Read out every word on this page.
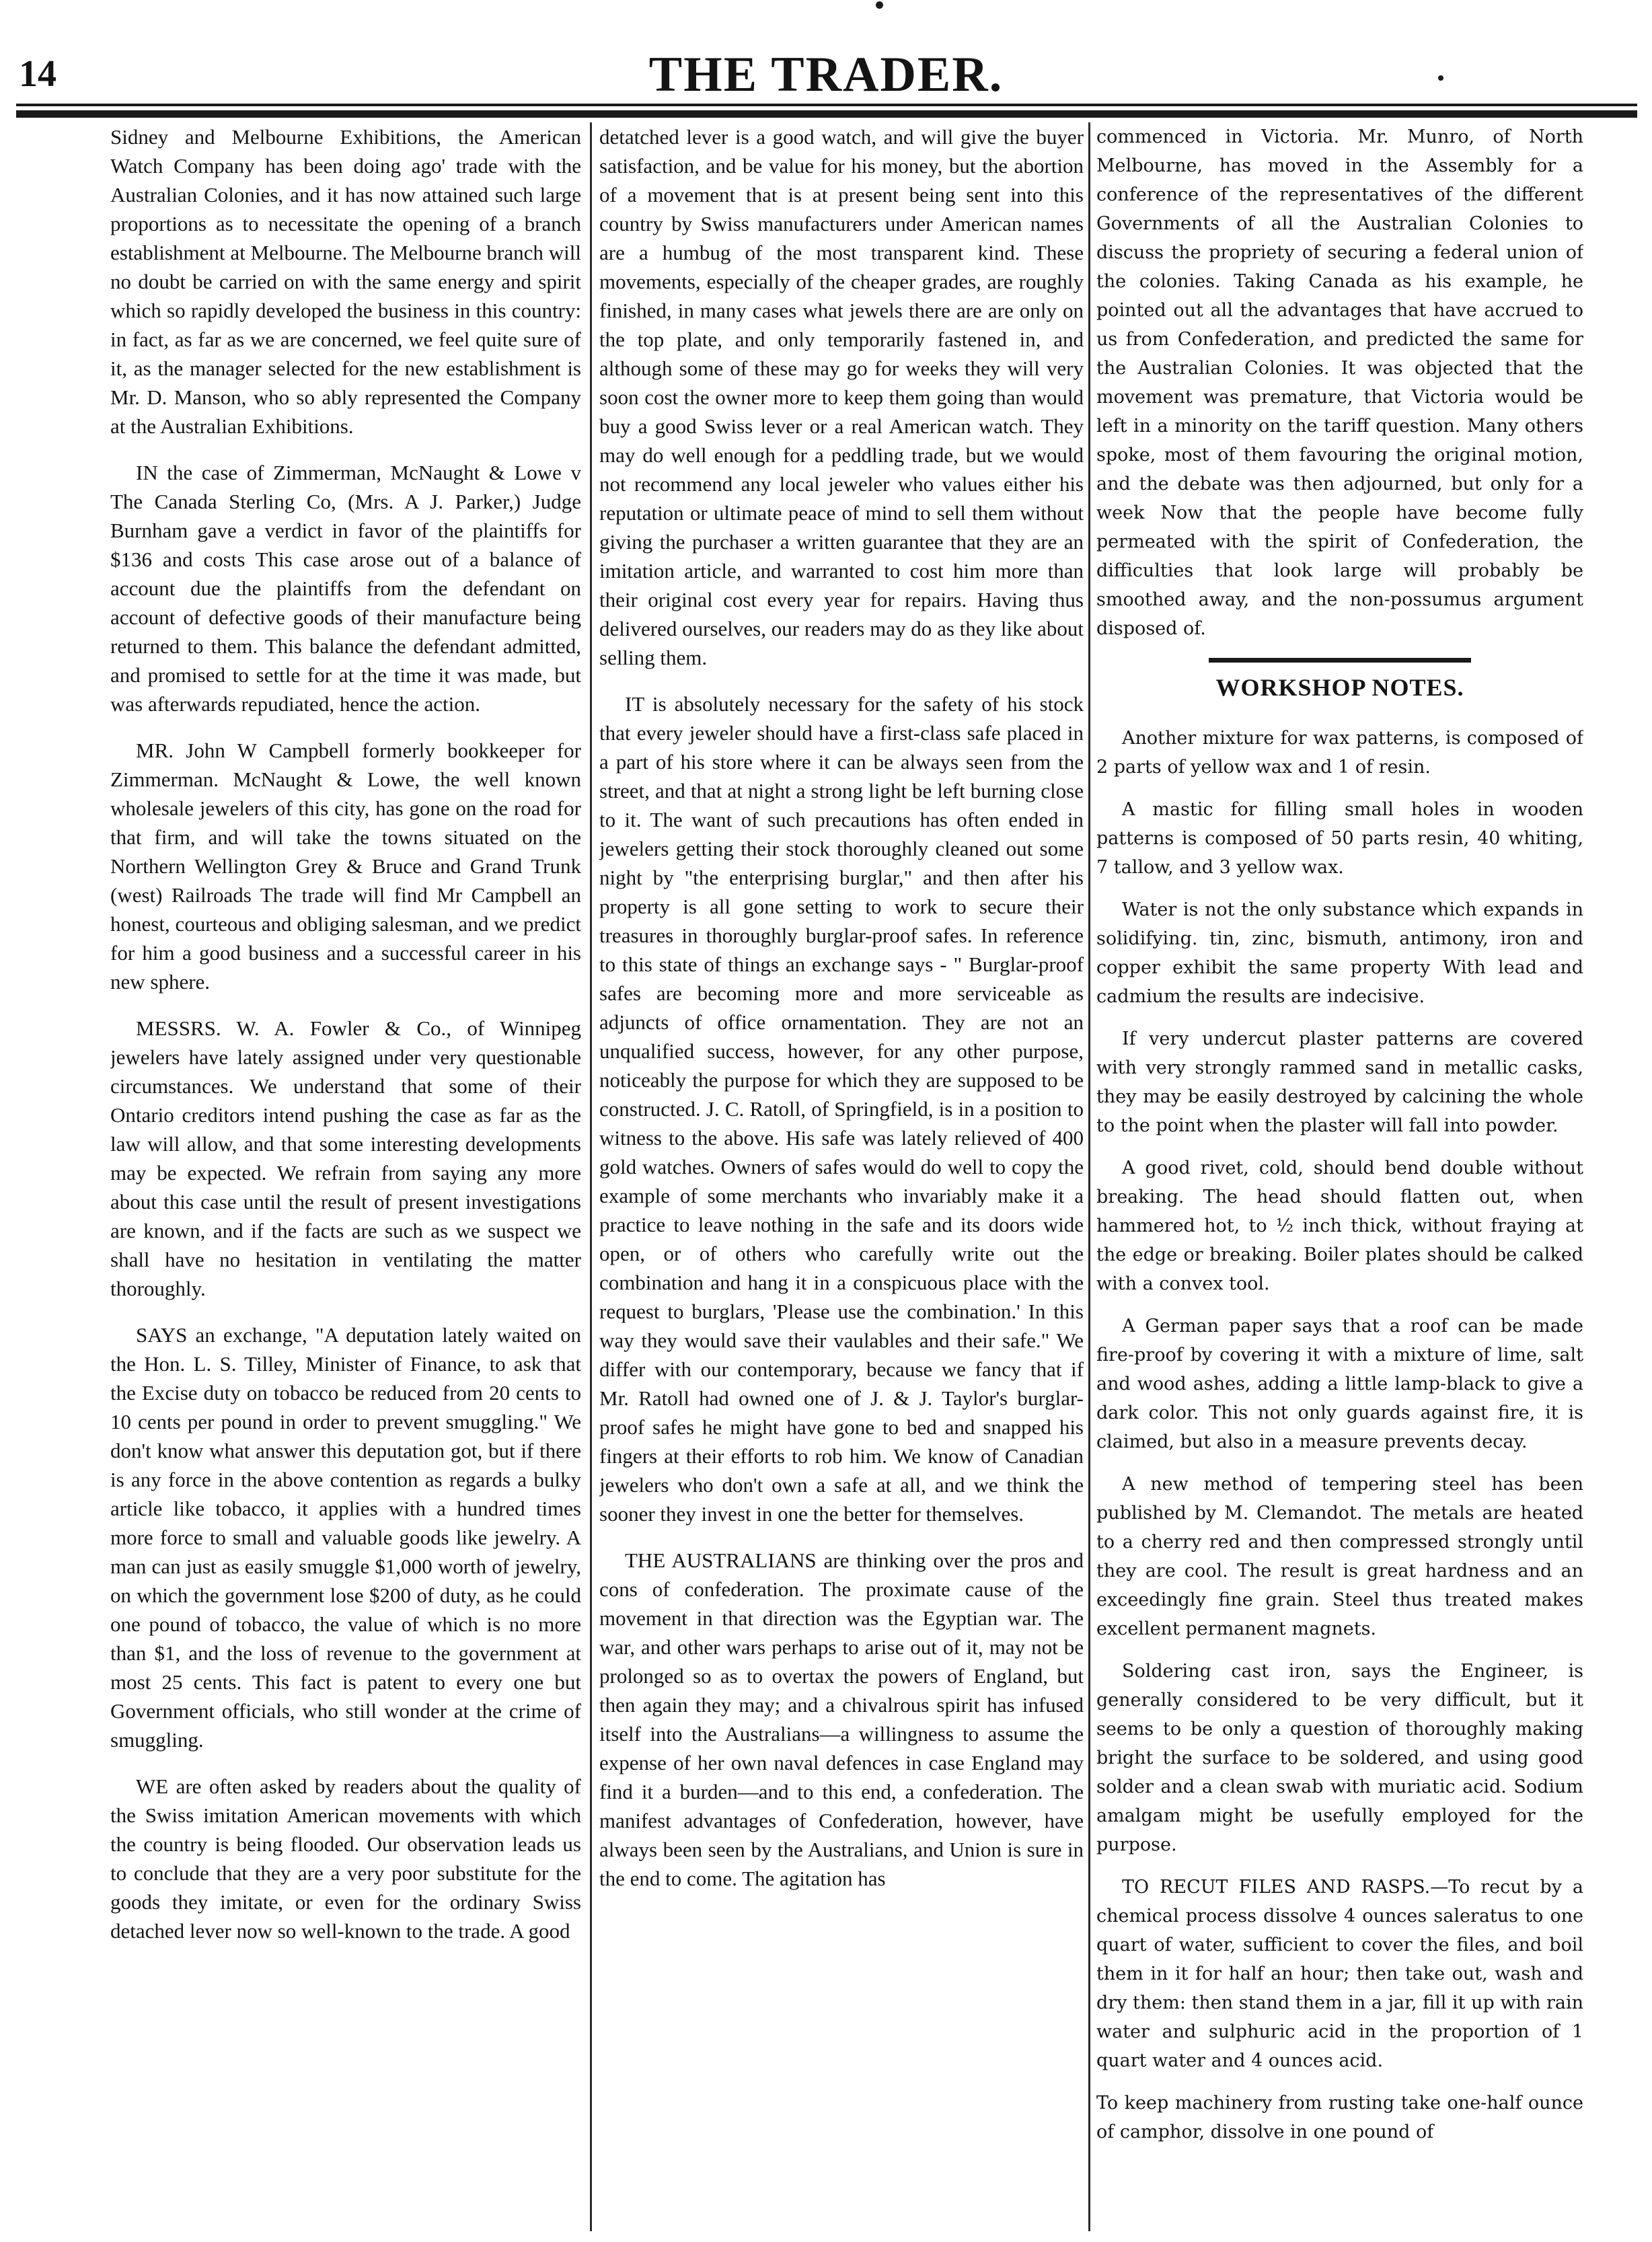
14	THE TRADER.

Sidney and Melbourne Exhibitions, the American Watch Company has been doing ago' trade with the Australian Colonies, and it has now attained such large proportions as to necessitate the opening of a branch establishment at Melbourne. The Melbourne branch will no doubt be carried on with the same energy and spirit which so rapidly developed the business in this country: in fact, as far as we are concerned, we feel quite sure of it, as the manager selected for the new establishment is Mr. D. Manson, who so ably represented the Company at the Australian Exhibitions.

IN the case of Zimmerman, McNaught & Lowe v The Canada Sterling Co, (Mrs. A J. Parker,) Judge Burnham gave a verdict in favor of the plaintiffs for $136 and costs This case arose out of a balance of account due the plaintiffs from the defendant on account of defective goods of their manufacture being returned to them. This balance the defendant admitted, and promised to settle for at the time it was made, but was afterwards repudiated, hence the action.

MR. John W Campbell formerly bookkeeper for Zimmerman. McNaught & Lowe, the well known wholesale jewelers of this city, has gone on the road for that firm, and will take the towns situated on the Northern Wellington Grey & Bruce and Grand Trunk (west) Railroads The trade will find Mr Campbell an honest, courteous and obliging salesman, and we predict for him a good business and a successful career in his new sphere.

MESSRS. W. A. Fowler & Co., of Winnipeg jewelers have lately assigned under very questionable circumstances. We understand that some of their Ontario creditors intend pushing the case as far as the law will allow, and that some interesting developments may be expected. We refrain from saying any more about this case until the result of present investigations are known, and if the facts are such as we suspect we shall have no hesitation in ventilating the matter thoroughly.

SAYS an exchange, "A deputation lately waited on the Hon. L. S. Tilley, Minister of Finance, to ask that the Excise duty on tobacco be reduced from 20 cents to 10 cents per pound in order to prevent smuggling." We don't know what answer this deputation got, but if there is any force in the above contention as regards a bulky article like tobacco, it applies with a hundred times more force to small and valuable goods like jewelry. A man can just as easily smuggle $1,000 worth of jewelry, on which the government lose $200 of duty, as he could one pound of tobacco, the value of which is no more than $1, and the loss of revenue to the government at most 25 cents. This fact is patent to every one but Government officials, who still wonder at the crime of smuggling.

WE are often asked by readers about the quality of the Swiss imitation American movements with which the country is being flooded. Our observation leads us to conclude that they are a very poor substitute for the goods they imitate, or even for the ordinary Swiss detached lever now so well-known to the trade. A good

detatched lever is a good watch, and will give the buyer satisfaction, and be value for his money, but the abortion of a movement that is at present being sent into this country by Swiss manufacturers under American names are a humbug of the most transparent kind. These movements, especially of the cheaper grades, are roughly finished, in many cases what jewels there are are only on the top plate, and only temporarily fastened in, and although some of these may go for weeks they will very soon cost the owner more to keep them going than would buy a good Swiss lever or a real American watch. They may do well enough for a peddling trade, but we would not recommend any local jeweler who values either his reputation or ultimate peace of mind to sell them without giving the purchaser a written guarantee that they are an imitation article, and warranted to cost him more than their original cost every year for repairs. Having thus delivered ourselves, our readers may do as they like about selling them.

IT is absolutely necessary for the safety of his stock that every jeweler should have a first-class safe placed in a part of his store where it can be always seen from the street, and that at night a strong light be left burning close to it. The want of such precautions has often ended in jewelers getting their stock thoroughly cleaned out some night by "the enterprising burglar," and then after his property is all gone setting to work to secure their treasures in thoroughly burglar-proof safes. In reference to this state of things an exchange says - " Burglar-proof safes are becoming more and more serviceable as adjuncts of office ornamentation. They are not an unqualified success, however, for any other purpose, noticeably the purpose for which they are supposed to be constructed. J. C. Ratoll, of Springfield, is in a position to witness to the above. His safe was lately relieved of 400 gold watches. Owners of safes would do well to copy the example of some merchants who invariably make it a practice to leave nothing in the safe and its doors wide open, or of others who carefully write out the combination and hang it in a conspicuous place with the request to burglars, 'Please use the combination.' In this way they would save their vaulables and their safe." We differ with our contemporary, because we fancy that if Mr. Ratoll had owned one of J. & J. Taylor's burglar-proof safes he might have gone to bed and snapped his fingers at their efforts to rob him. We know of Canadian jewelers who don't own a safe at all, and we think the sooner they invest in one the better for themselves.

THE AUSTRALIANS are thinking over the pros and cons of confederation. The proximate cause of the movement in that direction was the Egyptian war. The war, and other wars perhaps to arise out of it, may not be prolonged so as to overtax the powers of England, but then again they may; and a chivalrous spirit has infused itself into the Australians—a willingness to assume the expense of her own naval defences in case England may find it a burden—and to this end, a confederation. The manifest advantages of Confederation, however, have always been seen by the Australians, and Union is sure in the end to come. The agitation has

commenced in Victoria. Mr. Munro, of North Melbourne, has moved in the Assembly for a conference of the representatives of the different Governments of all the Australian Colonies to discuss the propriety of securing a federal union of the colonies. Taking Canada as his example, he pointed out all the advantages that have accrued to us from Confederation, and predicted the same for the Australian Colonies. It was objected that the movement was premature, that Victoria would be left in a minority on the tariff question. Many others spoke, most of them favouring the original motion, and the debate was then adjourned, but only for a week Now that the people have become fully permeated with the spirit of Confederation, the difficulties that look large will probably be smoothed away, and the non-possumus argument disposed of.

WORKSHOP NOTES.

Another mixture for wax patterns, is composed of 2 parts of yellow wax and 1 of resin.

A mastic for filling small holes in wooden patterns is composed of 50 parts resin, 40 whiting, 7 tallow, and 3 yellow wax.

Water is not the only substance which expands in solidifying. tin, zinc, bismuth, antimony, iron and copper exhibit the same property With lead and cadmium the results are indecisive.

If very undercut plaster patterns are covered with very strongly rammed sand in metallic casks, they may be easily destroyed by calcining the whole to the point when the plaster will fall into powder.

A good rivet, cold, should bend double without breaking. The head should flatten out, when hammered hot, to ½ inch thick, without fraying at the edge or breaking. Boiler plates should be calked with a convex tool.

A German paper says that a roof can be made fire-proof by covering it with a mixture of lime, salt and wood ashes, adding a little lamp-black to give a dark color. This not only guards against fire, it is claimed, but also in a measure prevents decay.

A new method of tempering steel has been published by M. Clemandot. The metals are heated to a cherry red and then compressed strongly until they are cool. The result is great hardness and an exceedingly fine grain. Steel thus treated makes excellent permanent magnets.

Soldering cast iron, says the Engineer, is generally considered to be very difficult, but it seems to be only a question of thoroughly making bright the surface to be soldered, and using good solder and a clean swab with muriatic acid. Sodium amalgam might be usefully employed for the purpose.

TO RECUT FILES AND RASPS.—To recut by a chemical process dissolve 4 ounces saleratus to one quart of water, sufficient to cover the files, and boil them in it for half an hour; then take out, wash and dry them: then stand them in a jar, fill it up with rain water and sulphuric acid in the proportion of 1 quart water and 4 ounces acid.

To keep machinery from rusting take one-half ounce of camphor, dissolve in one pound of
